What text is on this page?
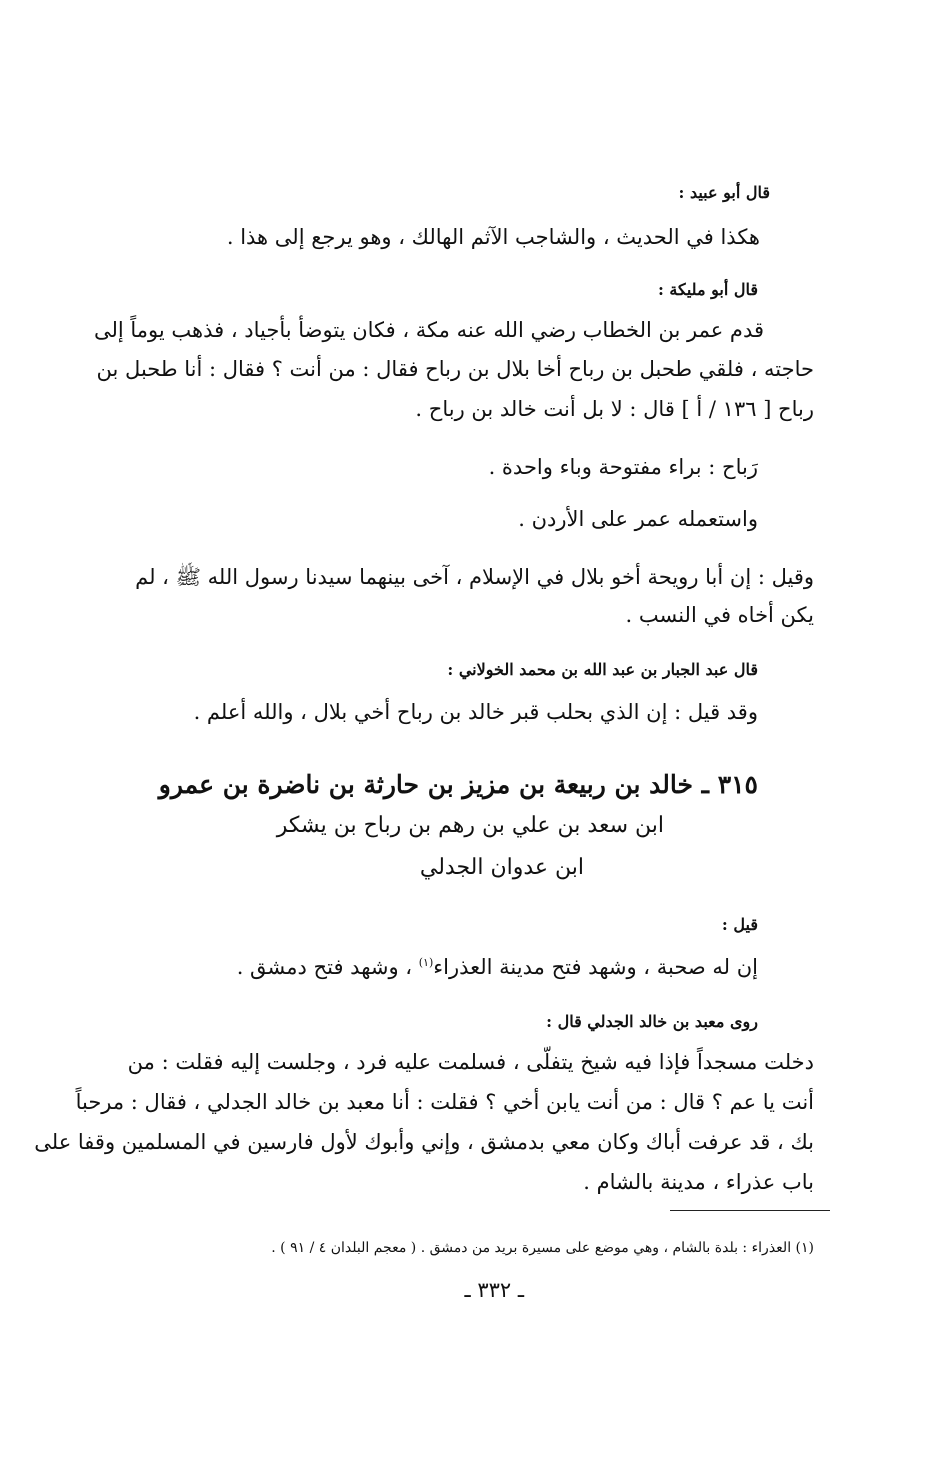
قال أبو عبيد :
هكذا في الحديث ، والشاجب الآثم الهالك ، وهو يرجع إلى هذا .
قال أبو مليكة :
قدم عمر بن الخطاب رضي الله عنه مكة ، فكان يتوضأ بأجياد ، فذهب يوماً إلى
حاجته ، فلقي طحبل بن رباح أخا بلال بن رباح فقال : من أنت ؟ فقال : أنا طحبل بن
رباح [ ١٣٦ / أ ] قال : لا بل أنت خالد بن رباح .
رَباح : براء مفتوحة وباء واحدة .
واستعمله عمر على الأردن .
وقيل : إن أبا رويحة أخو بلال في الإسلام ، آخى بينهما سيدنا رسول الله ﷺ ، لم
يكن أخاه في النسب .
قال عبد الجبار بن عبد الله بن محمد الخولاني :
وقد قيل : إن الذي بحلب قبر خالد بن رباح أخي بلال ، والله أعلم .
٣١٥ ـ خالد بن ربيعة بن مزيز بن حارثة بن ناضرة بن عمرو
ابن سعد بن علي بن رهم بن رباح بن يشكر
ابن عدوان الجدلي
قيل :
إن له صحبة ، وشهد فتح مدينة العذراء$^{(١)}$ ، وشهد فتح دمشق .
روى معبد بن خالد الجدلي قال :
دخلت مسجداً فإذا فيه شيخ يتفلّى ، فسلمت عليه فرد ، وجلست إليه فقلت : من
أنت يا عم ؟ قال : من أنت يابن أخي ؟ فقلت : أنا معبد بن خالد الجدلي ، فقال : مرحباً
بك ، قد عرفت أباك وكان معي بدمشق ، وإني وأبوك لأول فارسين في المسلمين وقفا على
باب عذراء ، مدينة بالشام .
(١) العذراء : بلدة بالشام ، وهي موضع على مسيرة بريد من دمشق . ( معجم البلدان ٤ / ٩١ ) .
ـ ٣٣٢ ـ
